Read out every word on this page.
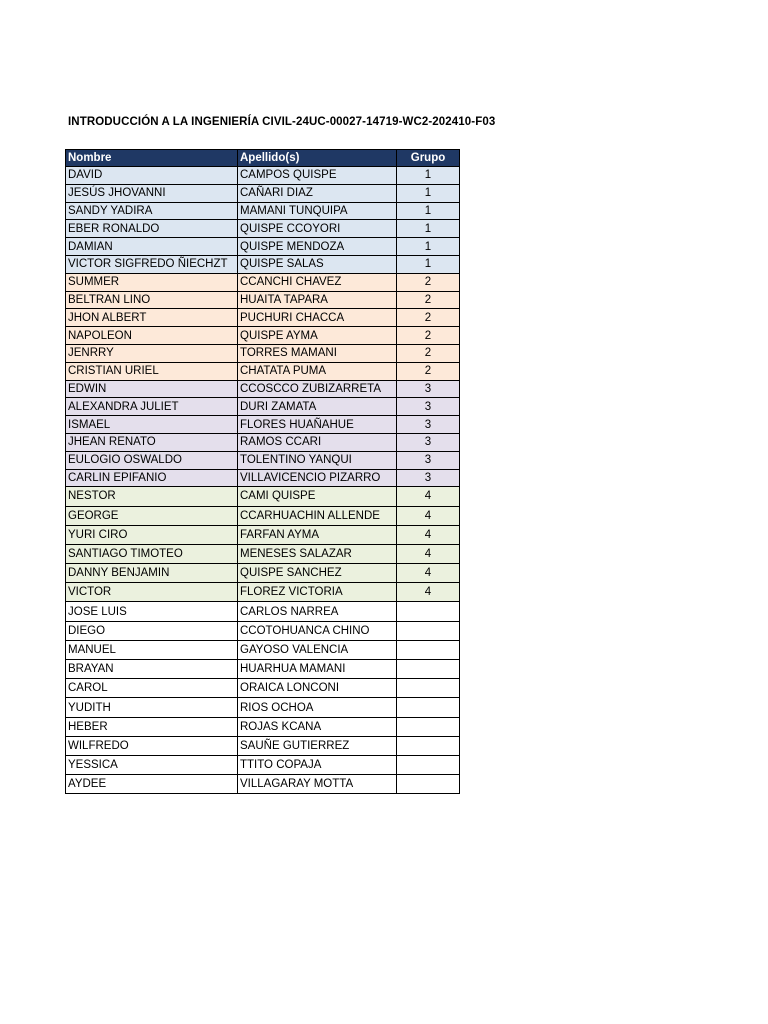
INTRODUCCIÓN A LA INGENIERÍA CIVIL-24UC-00027-14719-WC2-202410-F03
Nombre	Apellido(s)	Grupo
DAVID	CAMPOS QUISPE	1
JESÚS JHOVANNI	CAÑARI DIAZ	1
SANDY YADIRA	MAMANI TUNQUIPA	1
EBER RONALDO	QUISPE CCOYORI	1
DAMIAN	QUISPE MENDOZA	1
VICTOR SIGFREDO ÑIECHZT	QUISPE SALAS	1
SUMMER	CCANCHI CHAVEZ	2
BELTRAN LINO	HUAITA TAPARA	2
JHON ALBERT	PUCHURI CHACCA	2
NAPOLEON	QUISPE AYMA	2
JENRRY	TORRES MAMANI	2
CRISTIAN URIEL	CHATATA PUMA	2
EDWIN	CCOSCCO ZUBIZARRETA	3
ALEXANDRA JULIET	DURI ZAMATA	3
ISMAEL	FLORES HUAÑAHUE	3
JHEAN RENATO	RAMOS CCARI	3
EULOGIO OSWALDO	TOLENTINO YANQUI	3
CARLIN EPIFANIO	VILLAVICENCIO PIZARRO	3
NESTOR	CAMI QUISPE	4
GEORGE	CCARHUACHIN ALLENDE	4
YURI CIRO	FARFAN AYMA	4
SANTIAGO TIMOTEO	MENESES SALAZAR	4
DANNY BENJAMIN	QUISPE SANCHEZ	4
VICTOR	FLOREZ VICTORIA	4
JOSE LUIS	CARLOS NARREA	
DIEGO	CCOTOHUANCA CHINO	
MANUEL	GAYOSO VALENCIA	
BRAYAN	HUARHUA MAMANI	
CAROL	ORAICA LONCONI	
YUDITH	RIOS OCHOA	
HEBER	ROJAS KCANA	
WILFREDO	SAUÑE GUTIERREZ	
YESSICA	TTITO COPAJA	
AYDEE	VILLAGARAY MOTTA	
